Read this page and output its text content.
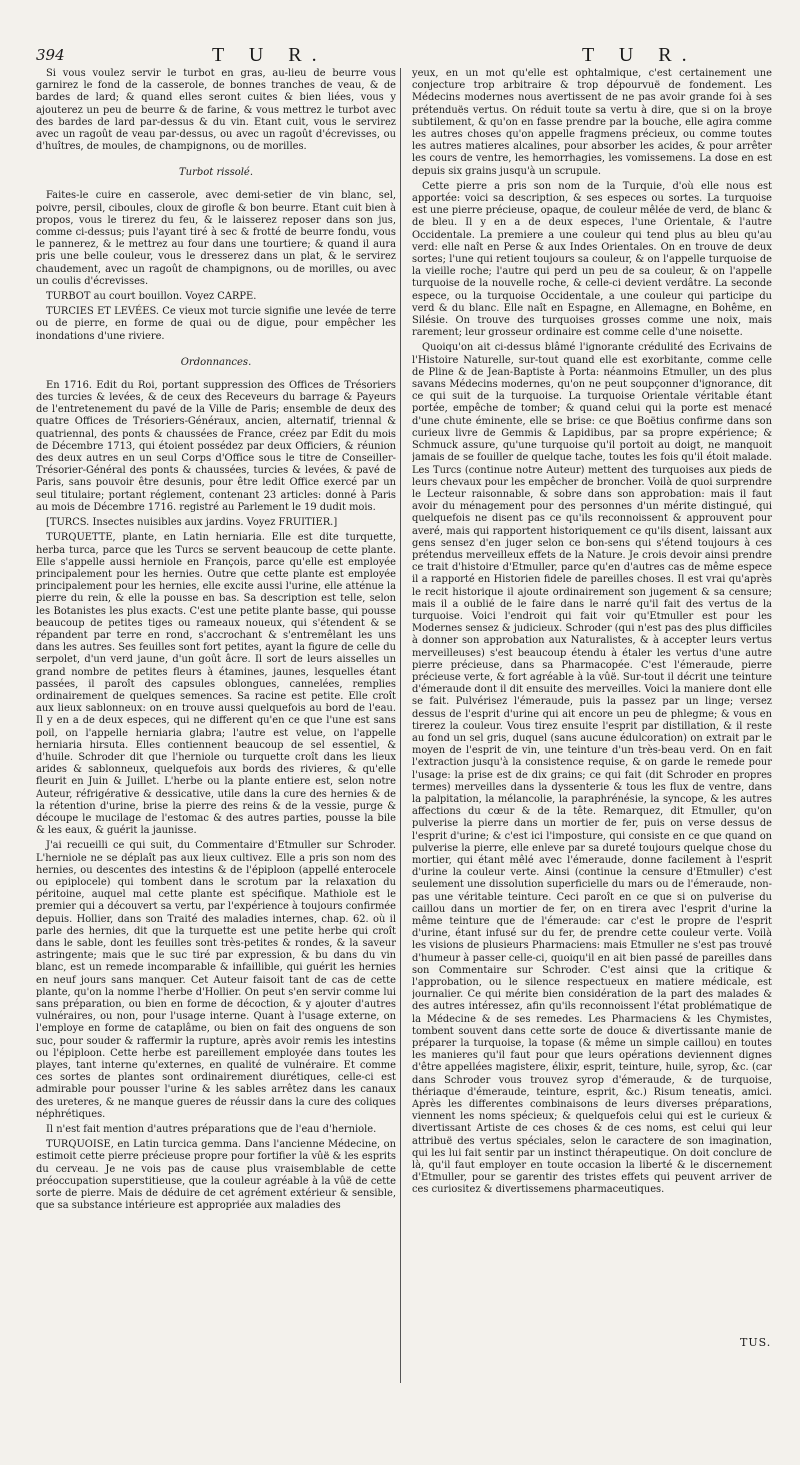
394	T U R.	T U R.

Si vous voulez servir le turbot en gras, au-lieu de beurre vous garnirez le fond de la casserole, de bonnes tranches de veau, & de bardes de lard; & quand elles seront cuites & bien liées, vous y ajouterez un peu de beurre & de farine, & vous mettrez le turbot avec des bardes de lard par-dessus & du vin. Etant cuit, vous le servirez avec un ragoût de veau par-dessus, ou avec un ragoût d'écrevisses, ou d'huîtres, de moules, de champignons, ou de morilles.

Turbot rissolé.

Faites-le cuire en casserole, avec demi-setier de vin blanc, sel, poivre, persil, ciboules, cloux de girofle & bon beurre. Etant cuit bien à propos, vous le tirerez du feu, & le laisserez reposer dans son jus, comme ci-dessus; puis l'ayant tiré à sec & frotté de beurre fondu, vous le pannerez, & le mettrez au four dans une tourtiere; & quand il aura pris une belle couleur, vous le dresserez dans un plat, & le servirez chaudement, avec un ragoût de champignons, ou de morilles, ou avec un coulis d'écrevisses.

TURBOT au court bouillon. Voyez CARPE.

TURCIES ET LEVÉES. Ce vieux mot turcie signifie une levée de terre ou de pierre, en forme de quai ou de digue, pour empêcher les inondations d'une riviere.

Ordonnances.

En 1716. Edit du Roi, portant suppression des Offices de Trésoriers des turcies & levées, & de ceux des Receveurs du barrage & Payeurs de l'entretenement du pavé de la Ville de Paris; ensemble de deux des quatre Offices de Trésoriers-Généraux, ancien, alternatif, triennal & quatriennal, des ponts & chaussées de France, créez par Edit du mois de Décembre 1713, qui étoient possédez par deux Officiers, & réunion des deux autres en un seul Corps d'Office sous le titre de Conseiller-Trésorier-Général des ponts & chaussées, turcies & levées, & pavé de Paris, sans pouvoir être desunis, pour être ledit Office exercé par un seul titulaire; portant réglement, contenant 23 articles: donné à Paris au mois de Décembre 1716. registré au Parlement le 19 dudit mois.

[TURCS. Insectes nuisibles aux jardins. Voyez FRUITIER.]

TURQUETTE, plante, en Latin herniaria. Elle est dite turquette, herba turca, parce que les Turcs se servent beaucoup de cette plante. Elle s'appelle aussi herniole en François, parce qu'elle est employée principalement pour les hernies. Outre que cette plante est employée principalement pour les hernies, elle excite aussi l'urine, elle atténue la pierre du rein, & elle la pousse en bas. Sa description est telle, selon les Botanistes les plus exacts. C'est une petite plante basse, qui pousse beaucoup de petites tiges ou rameaux noueux, qui s'étendent & se répandent par terre en rond, s'accrochant & s'entremêlant les uns dans les autres. Ses feuilles sont fort petites, ayant la figure de celle du serpolet, d'un verd jaune, d'un goût âcre. Il sort de leurs aisselles un grand nombre de petites fleurs à étamines, jaunes, lesquelles étant passées, il paroît des capsules oblongues, cannelées, remplies ordinairement de quelques semences. Sa racine est petite. Elle croît aux lieux sablonneux: on en trouve aussi quelquefois au bord de l'eau. Il y en a de deux especes, qui ne different qu'en ce que l'une est sans poil, on l'appelle herniaria glabra; l'autre est velue, on l'appelle herniaria hirsuta. Elles contiennent beaucoup de sel essentiel, & d'huile. Schroder dit que l'herniole ou turquette croît dans les lieux arides & sablonneux, quelquefois aux bords des rivieres, & qu'elle fleurit en Juin & Juillet. L'herbe ou la plante entiere est, selon notre Auteur, réfrigérative & dessicative, utile dans la cure des hernies & de la rétention d'urine, brise la pierre des reins & de la vessie, purge & découpe le mucilage de l'estomac & des autres parties, pousse la bile & les eaux, & guérit la jaunisse.

J'ai recueilli ce qui suit, du Commentaire d'Etmuller sur Schroder. L'herniole ne se déplaît pas aux lieux cultivez. Elle a pris son nom des hernies, ou descentes des intestins & de l'épiploon (appellé enterocele ou epiplocele) qui tombent dans le scrotum par la relaxation du péritoine, auquel mal cette plante est spécifique. Mathiole est le premier qui a découvert sa vertu, par l'expérience à toujours confirmée depuis. Hollier, dans son Traité des maladies internes, chap. 62. où il parle des hernies, dit que la turquette est une petite herbe qui croît dans le sable, dont les feuilles sont très-petites & rondes, & la saveur astringente; mais que le suc tiré par expression, & bu dans du vin blanc, est un remede incomparable & infaillible, qui guérit les hernies en neuf jours sans manquer. Cet Auteur faisoit tant de cas de cette plante, qu'on la nomme l'herbe d'Hollier. On peut s'en servir comme lui sans préparation, ou bien en forme de décoction, & y ajouter d'autres vulnéraires, ou non, pour l'usage interne. Quant à l'usage externe, on l'employe en forme de cataplâme, ou bien on fait des onguens de son suc, pour souder & raffermir la rupture, après avoir remis les intestins ou l'épiploon. Cette herbe est pareillement employée dans toutes les playes, tant interne qu'externes, en qualité de vulnéraire. Et comme ces sortes de plantes sont ordinairement diurétiques, celle-ci est admirable pour pousser l'urine & les sables arrêtez dans les canaux des ureteres, & ne manque gueres de réussir dans la cure des coliques néphrétiques.

Il n'est fait mention d'autres préparations que de l'eau d'herniole.

TURQUOISE, en Latin turcica gemma. Dans l'ancienne Médecine, on estimoit cette pierre précieuse propre pour fortifier la vûë & les esprits du cerveau. Je ne vois pas de cause plus vraisemblable de cette préoccupation superstitieuse, que la couleur agréable à la vûë de cette sorte de pierre. Mais de déduire de cet agrément extérieur & sensible, que sa substance intérieure est appropriée aux maladies des

yeux, en un mot qu'elle est ophtalmique, c'est certainement une conjecture trop arbitraire & trop dépourvuë de fondement. Les Médecins modernes nous avertissent de ne pas avoir grande foi à ses prétenduës vertus. On réduit toute sa vertu à dire, que si on la broye subtilement, & qu'on en fasse prendre par la bouche, elle agira comme les autres choses qu'on appelle fragmens précieux, ou comme toutes les autres matieres alcalines, pour absorber les acides, & pour arrêter les cours de ventre, les hemorrhagies, les vomissemens. La dose en est depuis six grains jusqu'à un scrupule.

Cette pierre a pris son nom de la Turquie, d'où elle nous est apportée: voici sa description, & ses especes ou sortes. La turquoise est une pierre précieuse, opaque, de couleur mêlée de verd, de blanc & de bleu. Il y en a de deux especes, l'une Orientale, & l'autre Occidentale. La premiere a une couleur qui tend plus au bleu qu'au verd: elle naît en Perse & aux Indes Orientales. On en trouve de deux sortes; l'une qui retient toujours sa couleur, & on l'appelle turquoise de la vieille roche; l'autre qui perd un peu de sa couleur, & on l'appelle turquoise de la nouvelle roche, & celle-ci devient verdâtre. La seconde espece, ou la turquoise Occidentale, a une couleur qui participe du verd & du blanc. Elle naît en Espagne, en Allemagne, en Bohême, en Silésie. On trouve des turquoises grosses comme une noix, mais rarement; leur grosseur ordinaire est comme celle d'une noisette.

Quoiqu'on ait ci-dessus blâmé l'ignorante crédulité des Ecrivains de l'Histoire Naturelle, sur-tout quand elle est exorbitante, comme celle de Pline & de Jean-Baptiste à Porta: néanmoins Etmuller, un des plus savans Médecins modernes, qu'on ne peut soupçonner d'ignorance, dit ce qui suit de la turquoise. La turquoise Orientale véritable étant portée, empêche de tomber; & quand celui qui la porte est menacé d'une chute éminente, elle se brise: ce que Boëtius confirme dans son curieux livre de Gemmis & Lapidibus, par sa propre expérience; & Schmuck assure, qu'une turquoise qu'il portoit au doigt, ne manquoit jamais de se fouiller de quelque tache, toutes les fois qu'il étoit malade. Les Turcs (continue notre Auteur) mettent des turquoises aux pieds de leurs chevaux pour les empêcher de broncher. Voilà de quoi surprendre le Lecteur raisonnable, & sobre dans son approbation: mais il faut avoir du ménagement pour des personnes d'un mérite distingué, qui quelquefois ne disent pas ce qu'ils reconnoissent & approuvent pour averé, mais qui rapportent historiquement ce qu'ils disent, laissant aux gens sensez d'en juger selon ce bon-sens qui s'étend toujours à ces prétendus merveilleux effets de la Nature. Je crois devoir ainsi prendre ce trait d'histoire d'Etmuller, parce qu'en d'autres cas de même espece il a rapporté en Historien fidele de pareilles choses. Il est vrai qu'après le recit historique il ajoute ordinairement son jugement & sa censure; mais il a oublié de le faire dans le narré qu'il fait des vertus de la turquoise. Voici l'endroit qui fait voir qu'Etmuller est pour les Modernes sensez & judicieux. Schroder (qui n'est pas des plus difficiles à donner son approbation aux Naturalistes, & à accepter leurs vertus merveilleuses) s'est beaucoup étendu à étaler les vertus d'une autre pierre précieuse, dans sa Pharmacopée. C'est l'émeraude, pierre précieuse verte, & fort agréable à la vûë. Sur-tout il décrit une teinture d'émeraude dont il dit ensuite des merveilles. Voici la maniere dont elle se fait. Pulvérisez l'émeraude, puis la passez par un linge; versez dessus de l'esprit d'urine qui ait encore un peu de phlegme; & vous en tirerez la couleur. Vous tirez ensuite l'esprit par distillation, & il reste au fond un sel gris, duquel (sans aucune édulcoration) on extrait par le moyen de l'esprit de vin, une teinture d'un très-beau verd. On en fait l'extraction jusqu'à la consistence requise, & on garde le remede pour l'usage: la prise est de dix grains; ce qui fait (dit Schroder en propres termes) merveilles dans la dyssenterie & tous les flux de ventre, dans la palpitation, la mélancolie, la paraphrénésie, la syncope, & les autres affections du cœur & de la tête. Remarquez, dit Etmuller, qu'on pulverise la pierre dans un mortier de fer, puis on verse dessus de l'esprit d'urine; & c'est ici l'imposture, qui consiste en ce que quand on pulverise la pierre, elle enleve par sa dureté toujours quelque chose du mortier, qui étant mêlé avec l'émeraude, donne facilement à l'esprit d'urine la couleur verte. Ainsi (continue la censure d'Etmuller) c'est seulement une dissolution superficielle du mars ou de l'émeraude, non-pas une véritable teinture. Ceci paroît en ce que si on pulverise du caillou dans un mortier de fer, on en tirera avec l'esprit d'urine la même teinture que de l'émeraude: car c'est le propre de l'esprit d'urine, étant infusé sur du fer, de prendre cette couleur verte. Voilà les visions de plusieurs Pharmaciens: mais Etmuller ne s'est pas trouvé d'humeur à passer celle-ci, quoiqu'il en ait bien passé de pareilles dans son Commentaire sur Schroder. C'est ainsi que la critique & l'approbation, ou le silence respectueux en matiere médicale, est journalier. Ce qui mérite bien considération de la part des malades & des autres intéressez, afin qu'ils reconnoissent l'état problématique de la Médecine & de ses remedes. Les Pharmaciens & les Chymistes, tombent souvent dans cette sorte de douce & divertissante manie de préparer la turquoise, la topase (& même un simple caillou) en toutes les manieres qu'il faut pour que leurs opérations deviennent dignes d'être appellées magistere, élixir, esprit, teinture, huile, syrop, &c. (car dans Schroder vous trouvez syrop d'émeraude, & de turquoise, thériaque d'émeraude, teinture, esprit, &c.) Risum teneatis, amici. Après les differentes combinaisons de leurs diverses préparations, viennent les noms spécieux; & quelquefois celui qui est le curieux & divertissant Artiste de ces choses & de ces noms, est celui qui leur attribuë des vertus spéciales, selon le caractere de son imagination, qui les lui fait sentir par un instinct thérapeutique. On doit conclure de là, qu'il faut employer en toute occasion la liberté & le discernement d'Etmuller, pour se garentir des tristes effets qui peuvent arriver de ces curiositez & divertissemens pharmaceutiques.

TUS.
